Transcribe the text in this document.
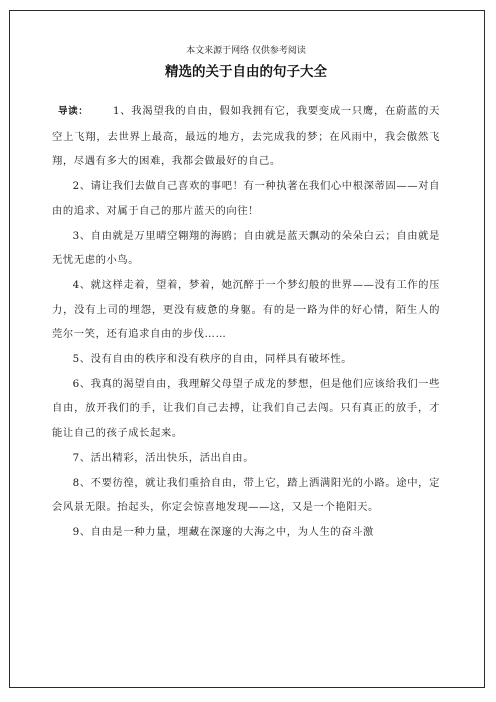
本文来源于网络 仅供参考阅读
精选的关于自由的句子大全

导读： 1、我渴望我的自由，假如我拥有它，我要变成一只鹰，在蔚蓝的天空上飞翔，去世界上最高，最远的地方，去完成我的梦；在风雨中，我会傲然飞翔，尽遇有多大的困难，我都会做最好的自己。

2、请让我们去做自己喜欢的事吧！有一种执著在我们心中根深蒂固——对自由的追求、对属于自己的那片蓝天的向往！

3、自由就是万里晴空翱翔的海鸥；自由就是蓝天飘动的朵朵白云；自由就是无忧无虑的小鸟。

4、就这样走着，望着，梦着，她沉醉于一个梦幻般的世界——没有工作的压力，没有上司的埋怨，更没有疲惫的身躯。有的是一路为伴的好心情，陌生人的莞尔一笑，还有追求自由的步伐……

5、没有自由的秩序和没有秩序的自由，同样具有破坏性。

6、我真的渴望自由，我理解父母望子成龙的梦想，但是他们应该给我们一些自由，放开我们的手，让我们自己去搏，让我们自己去闯。只有真正的放手，才能让自己的孩子成长起来。

7、活出精彩，活出快乐，活出自由。

8、不要彷徨，就让我们重拾自由，带上它，踏上洒满阳光的小路。途中，定会风景无限。抬起头，你定会惊喜地发现——这，又是一个艳阳天。

9、自由是一种力量，埋藏在深邃的大海之中，为人生的奋斗激
